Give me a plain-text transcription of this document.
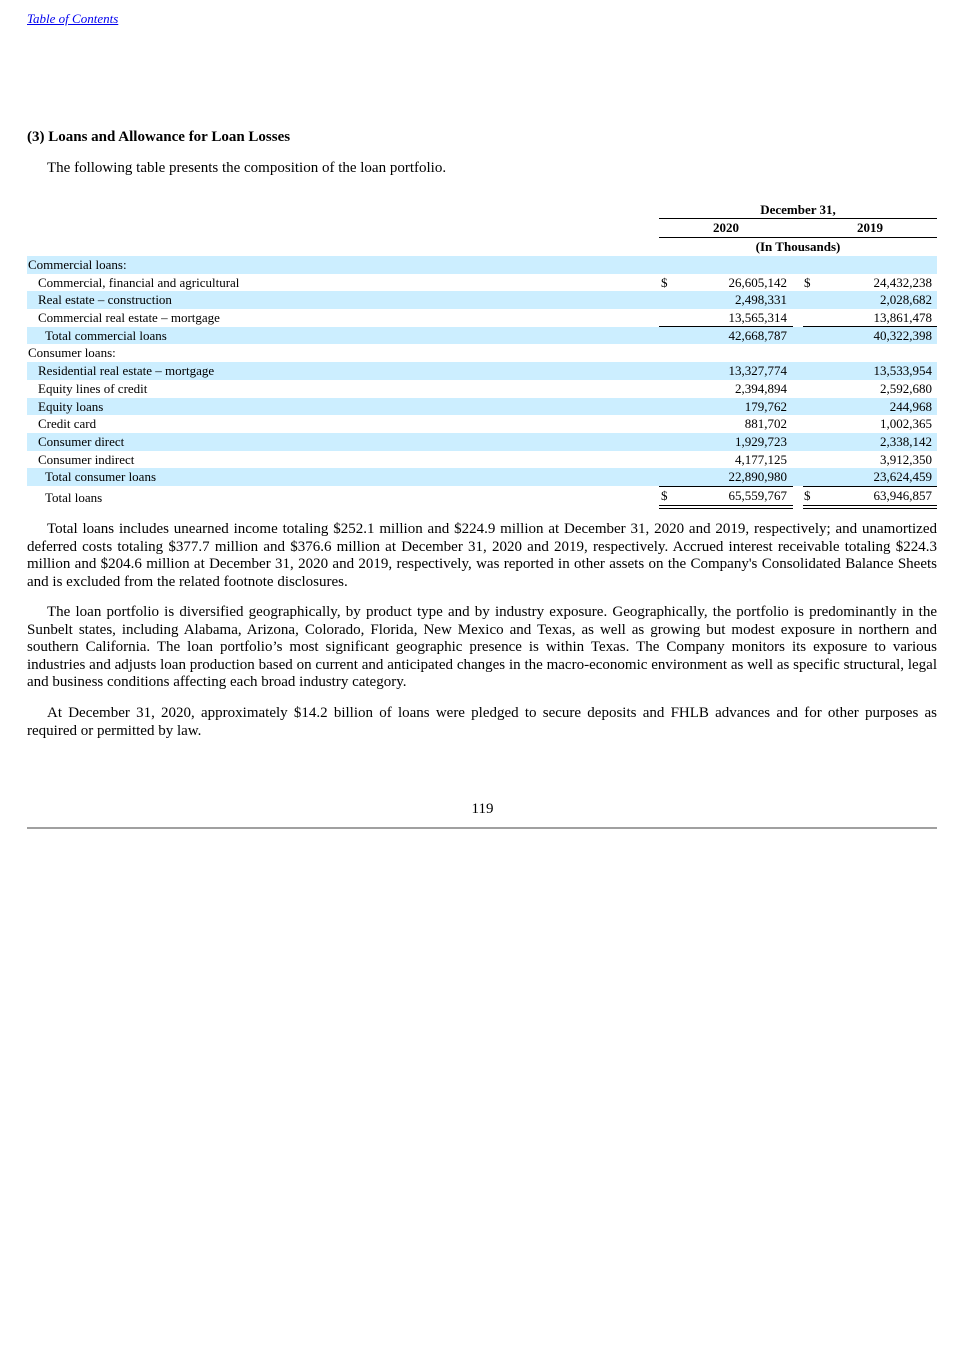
Table of Contents
(3) Loans and Allowance for Loan Losses
The following table presents the composition of the loan portfolio.
December 31,
2020	2019
(In Thousands)
Commercial loans:
Commercial, financial and agricultural	$	26,605,142 $	24,432,238
Real estate – construction	2,498,331	2,028,682
Commercial real estate – mortgage	13,565,314	13,861,478
Total commercial loans	42,668,787	40,322,398
Consumer loans:
Residential real estate – mortgage	13,327,774	13,533,954
Equity lines of credit	2,394,894	2,592,680
Equity loans	179,762	244,968
Credit card	881,702	1,002,365
Consumer direct	1,929,723	2,338,142
Consumer indirect	4,177,125	3,912,350
Total consumer loans	22,890,980	23,624,459
Total loans	$	65,559,767 $	63,946,857
Total loans includes unearned income totaling $252.1 million and $224.9 million at December 31, 2020 and 2019, respectively; and unamortized deferred costs totaling $377.7 million and $376.6 million at December 31, 2020 and 2019, respectively. Accrued interest receivable totaling $224.3 million and $204.6 million at December 31, 2020 and 2019, respectively, was reported in other assets on the Company's Consolidated Balance Sheets and is excluded from the related footnote disclosures.
The loan portfolio is diversified geographically, by product type and by industry exposure. Geographically, the portfolio is predominantly in the Sunbelt states, including Alabama, Arizona, Colorado, Florida, New Mexico and Texas, as well as growing but modest exposure in northern and southern California. The loan portfolio’s most significant geographic presence is within Texas. The Company monitors its exposure to various industries and adjusts loan production based on current and anticipated changes in the macro-economic environment as well as specific structural, legal and business conditions affecting each broad industry category.
At December 31, 2020, approximately $14.2 billion of loans were pledged to secure deposits and FHLB advances and for other purposes as required or permitted by law.
119
